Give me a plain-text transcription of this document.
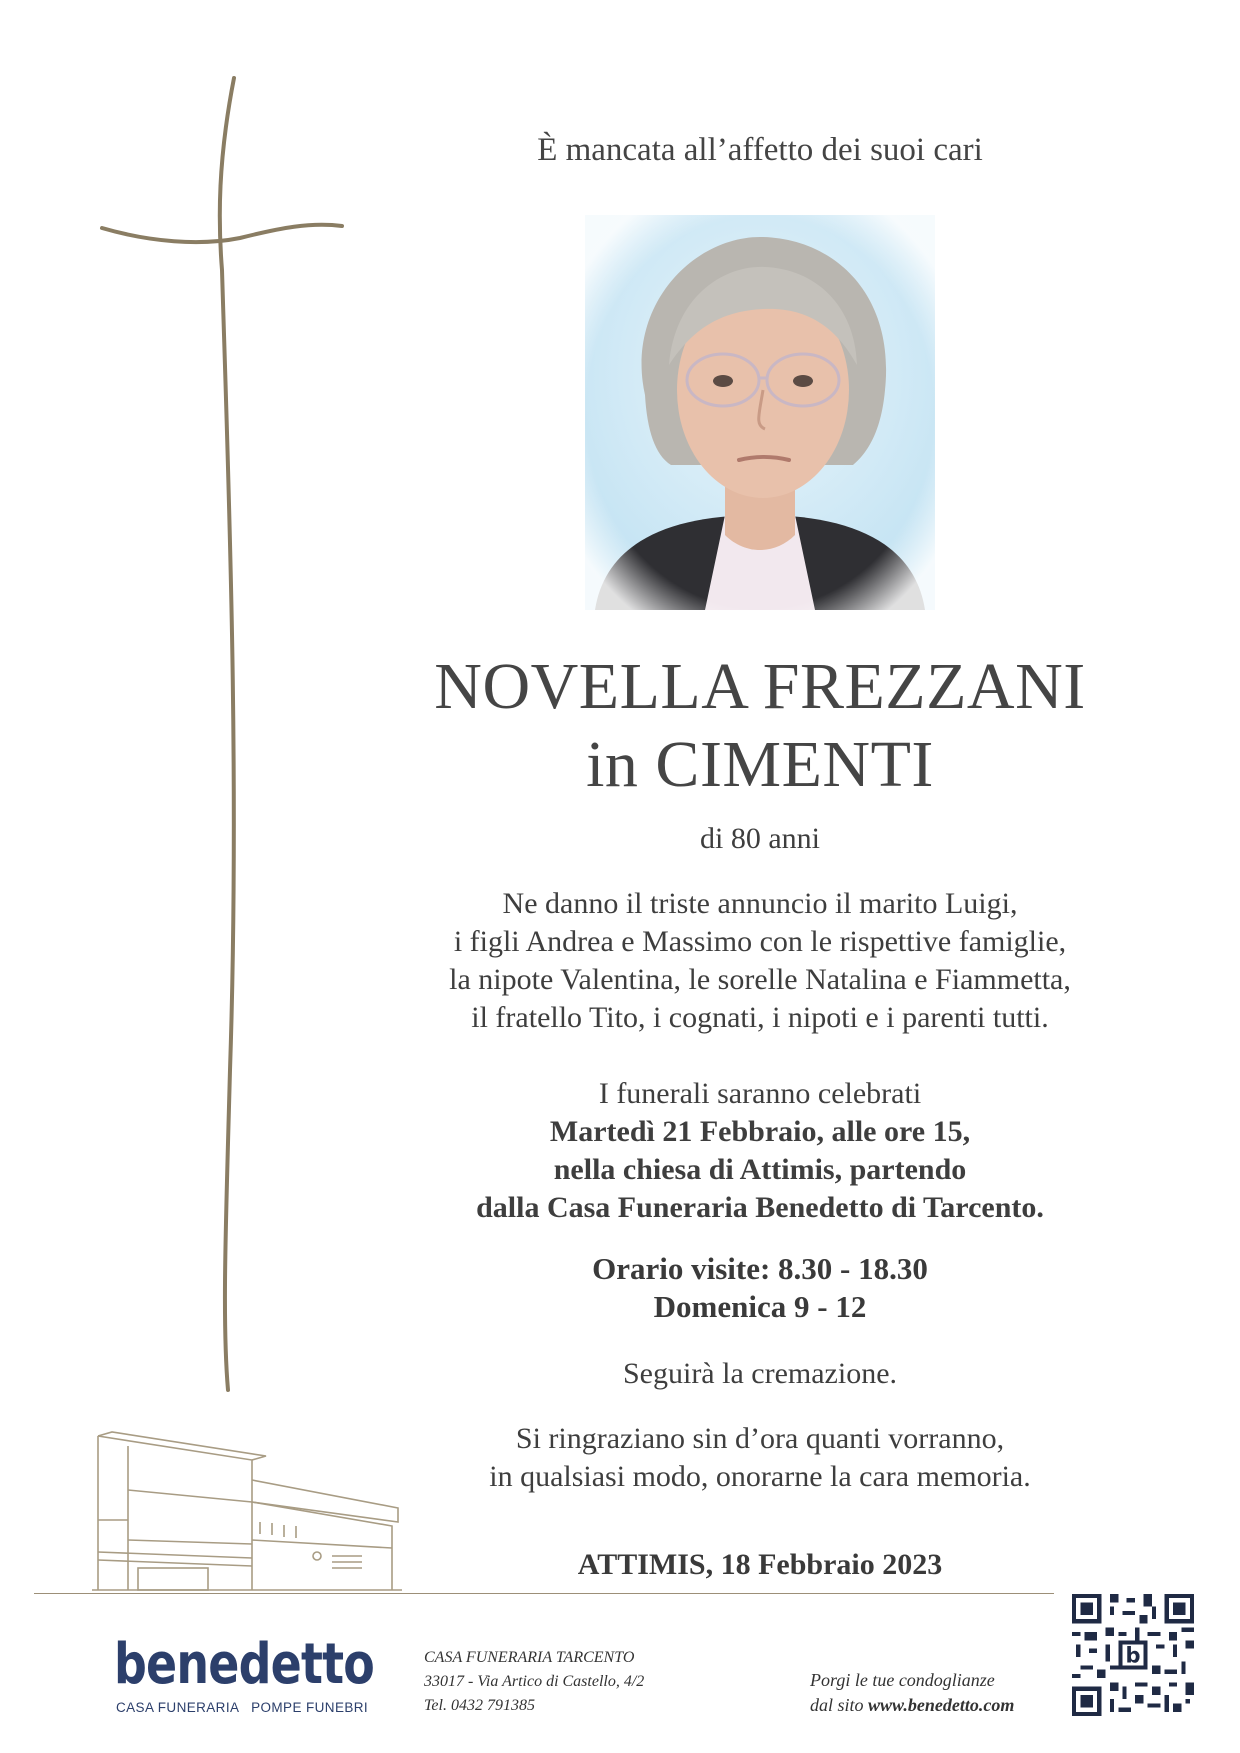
È mancata all’affetto dei suoi cari
NOVELLA FREZZANI
in CIMENTI
di 80 anni
Ne danno il triste annuncio il marito Luigi,
i figli Andrea e Massimo con le rispettive famiglie,
la nipote Valentina, le sorelle Natalina e Fiammetta,
il fratello Tito, i cognati, i nipoti e i parenti tutti.
I funerali saranno celebrati
Martedì 21 Febbraio, alle ore 15,
nella chiesa di Attimis, partendo
dalla Casa Funeraria Benedetto di Tarcento.
Orario visite: 8.30 - 18.30
Domenica 9 - 12
Seguirà la cremazione.
Si ringraziano sin d’ora quanti vorranno,
in qualsiasi modo, onorarne la cara memoria.
ATTIMIS, 18 Febbraio 2023
benedetto
CASA FUNERARIA   POMPE FUNEBRI
CASA FUNERARIA TARCENTO
33017 - Via Artico di Castello, 4/2
Tel. 0432 791385
Porgi le tue condoglianze
dal sito www.benedetto.com
b
